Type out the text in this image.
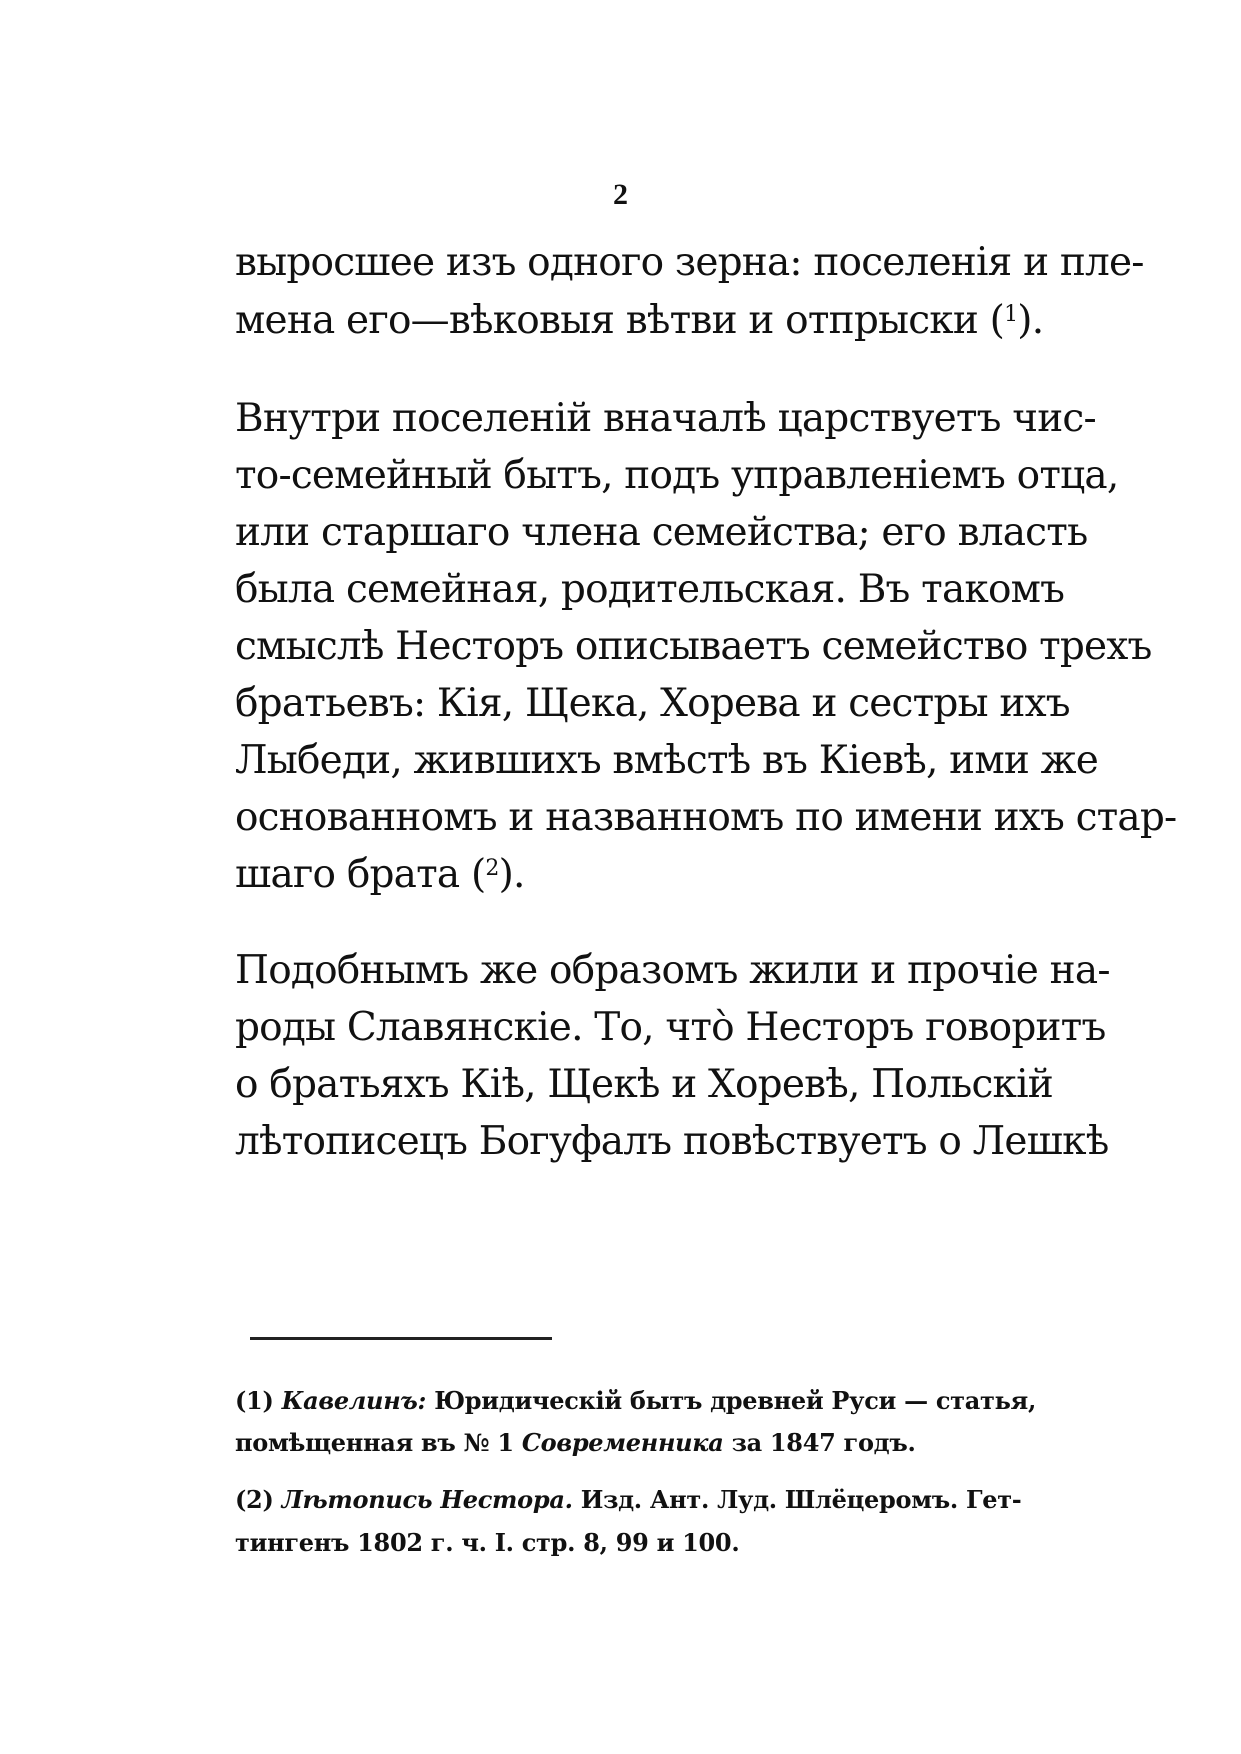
2
выросшее изъ одного зерна: поселенія и пле-
мена его—вѣковыя вѣтви и отпрыски ($^1$).
Внутри поселеній вначалѣ царствуетъ чис-
то-семейный бытъ, подъ управленіемъ отца,
или старшаго члена семейства; его власть
была семейная, родительская. Въ такомъ
смыслѣ Несторъ описываетъ семейство трехъ
братьевъ: Кія, Щека, Хорева и сестры ихъ
Лыбеди, жившихъ вмѣстѣ въ Кіевѣ, ими же
основанномъ и названномъ по имени ихъ стар-
шаго брата ($^2$).
Подобнымъ же образомъ жили и прочіе на-
роды Славянскіе. То, что̀ Несторъ говоритъ
о братьяхъ Кіѣ, Щекѣ и Хоревѣ, Польскій
лѣтописецъ Богуфалъ повѣствуетъ о Лешкѣ
(1) Кавелинъ: Юридическій бытъ древней Руси — статья,
помѣщенная въ № 1 Современника за 1847 годъ.
(2) Лѣтопись Нестора. Изд. Ант. Луд. Шлёцеромъ. Гет-
тингенъ 1802 г. ч. I. стр. 8, 99 и 100.
